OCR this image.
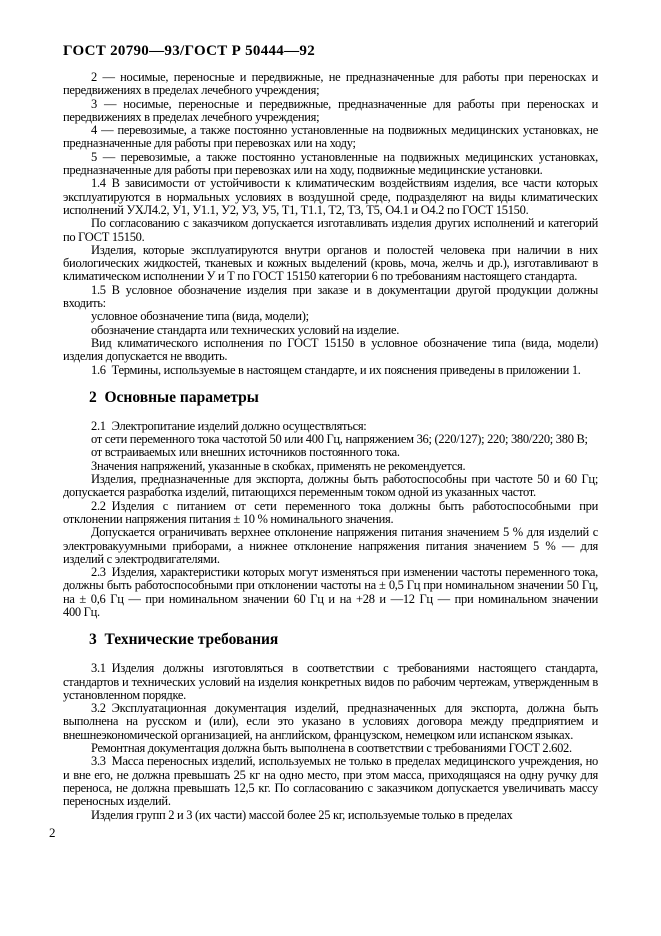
ГОСТ 20790—93/ГОСТ Р 50444—92

2 — носимые, переносные и передвижные, не предназначенные для работы при переносках и передвижениях в пределах лечебного учреждения;

3 — носимые, переносные и передвижные, предназначенные для работы при переносках и передвижениях в пределах лечебного учреждения;

4 — перевозимые, а также постоянно установленные на подвижных медицинских установках, не предназначенные для работы при перевозках или на ходу;

5 — перевозимые, а также постоянно установленные на подвижных медицинских установках, предназначенные для работы при перевозках или на ходу, подвижные медицинские установки.

1.4 В зависимости от устойчивости к климатическим воздействиям изделия, все части которых эксплуатируются в нормальных условиях в воздушной среде, подразделяют на виды климатических исполнений УХЛ4.2, У1, У1.1, У2, У3, У5, Т1, Т1.1, Т2, Т3, Т5, О4.1 и О4.2 по ГОСТ 15150.

По согласованию с заказчиком допускается изготавливать изделия других исполнений и категорий по ГОСТ 15150.

Изделия, которые эксплуатируются внутри органов и полостей человека при наличии в них биологических жидкостей, тканевых и кожных выделений (кровь, моча, желчь и др.), изготавливают в климатическом исполнении У и Т по ГОСТ 15150 категории 6 по требованиям настоящего стандарта.

1.5 В условное обозначение изделия при заказе и в документации другой продукции должны входить:

условное обозначение типа (вида, модели);

обозначение стандарта или технических условий на изделие.

Вид климатического исполнения по ГОСТ 15150 в условное обозначение типа (вида, модели) изделия допускается не вводить.

1.6 Термины, используемые в настоящем стандарте, и их пояснения приведены в приложении 1.

2 Основные параметры

2.1 Электропитание изделий должно осуществляться:

от сети переменного тока частотой 50 или 400 Гц, напряжением 36; (220/127); 220; 380/220; 380 В;

от встраиваемых или внешних источников постоянного тока.

Значения напряжений, указанные в скобках, применять не рекомендуется.

Изделия, предназначенные для экспорта, должны быть работоспособны при частоте 50 и 60 Гц; допускается разработка изделий, питающихся переменным током одной из указанных частот.

2.2 Изделия с питанием от сети переменного тока должны быть работоспособными при отклонении напряжения питания ± 10 % номинального значения.

Допускается ограничивать верхнее отклонение напряжения питания значением 5 % для изделий с электровакуумными приборами, а нижнее отклонение напряжения питания значением 5 % — для изделий с электродвигателями.

2.3 Изделия, характеристики которых могут изменяться при изменении частоты переменного тока, должны быть работоспособными при отклонении частоты на ± 0,5 Гц при номинальном значении 50 Гц, на ± 0,6 Гц — при номинальном значении 60 Гц и на +28 и —12 Гц — при номинальном значении 400 Гц.

3 Технические требования

3.1 Изделия должны изготовляться в соответствии с требованиями настоящего стандарта, стандартов и технических условий на изделия конкретных видов по рабочим чертежам, утвержденным в установленном порядке.

3.2 Эксплуатационная документация изделий, предназначенных для экспорта, должна быть выполнена на русском и (или), если это указано в условиях договора между предприятием и внешнеэкономической организацией, на английском, французском, немецком или испанском языках.

Ремонтная документация должна быть выполнена в соответствии с требованиями ГОСТ 2.602.

3.3 Масса переносных изделий, используемых не только в пределах медицинского учреждения, но и вне его, не должна превышать 25 кг на одно место, при этом масса, приходящаяся на одну ручку для переноса, не должна превышать 12,5 кг. По согласованию с заказчиком допускается увеличивать массу переносных изделий.

Изделия групп 2 и 3 (их части) массой более 25 кг, используемые только в пределах

2
